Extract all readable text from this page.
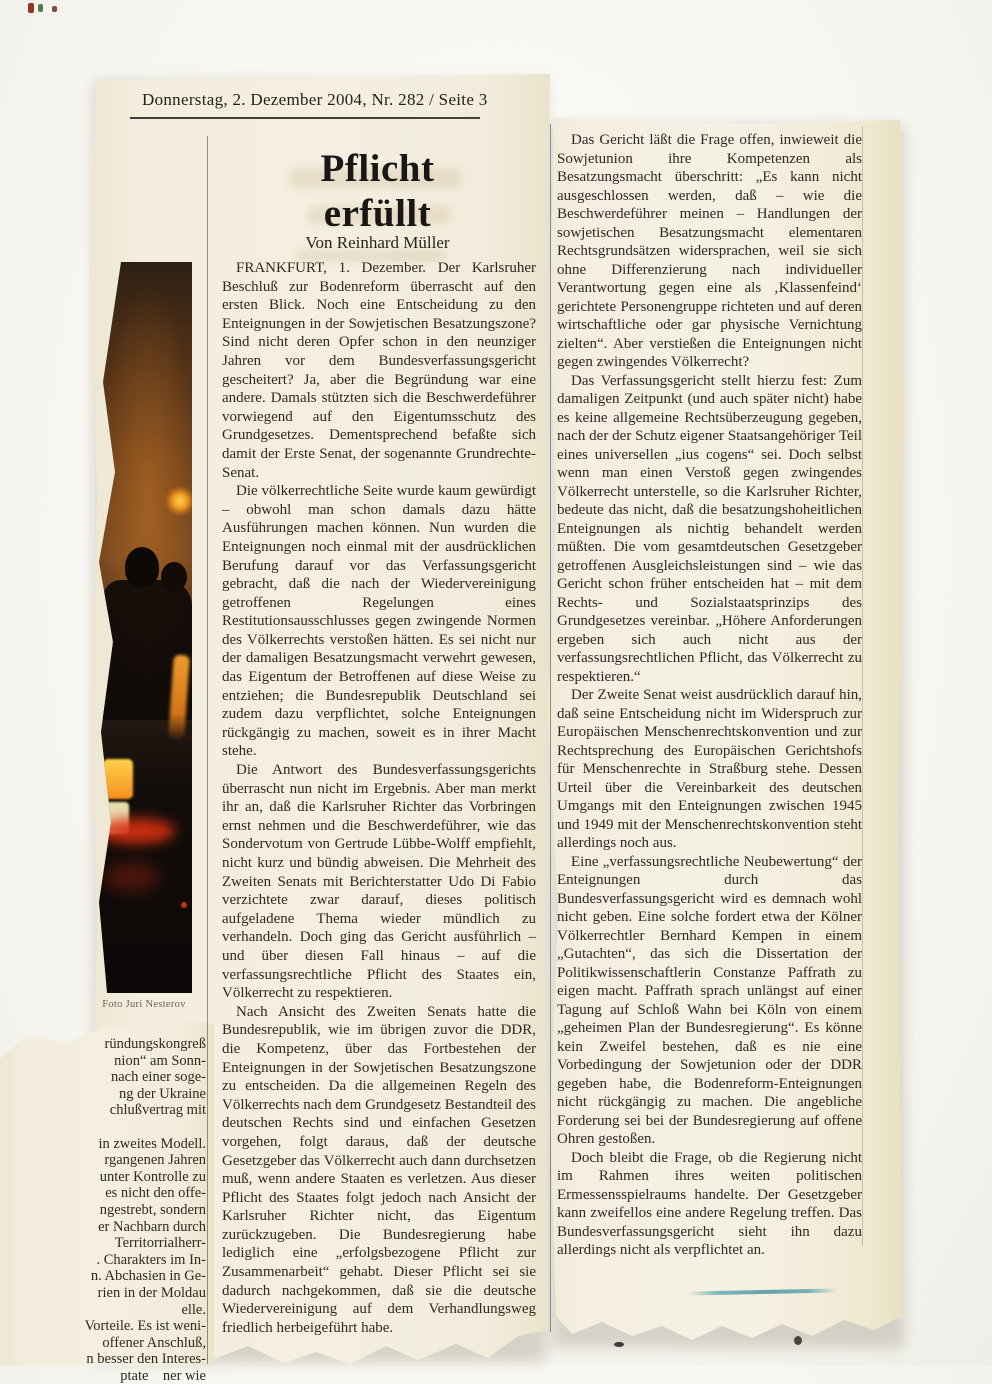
Donnerstag, 2. Dezember 2004, Nr. 282 / Seite 3
Pflicht
erfüllt
Von Reinhard Müller

FRANKFURT, 1. Dezember. Der Karlsruher Beschluß zur Bodenreform überrascht auf den ersten Blick. Noch eine Entscheidung zu den Enteignungen in der Sowjetischen Besatzungszone? Sind nicht deren Opfer schon in den neunziger Jahren vor dem Bundesverfassungsgericht gescheitert? Ja, aber die Begründung war eine andere. Damals stützten sich die Beschwerdeführer vorwiegend auf den Eigentumsschutz des Grundgesetzes. Dementsprechend befaßte sich damit der Erste Senat, der sogenannte Grundrechte-Senat.

Die völkerrechtliche Seite wurde kaum gewürdigt – obwohl man schon damals dazu hätte Ausführungen machen können. Nun wurden die Enteignungen noch einmal mit der ausdrücklichen Berufung darauf vor das Verfassungsgericht gebracht, daß die nach der Wiedervereinigung getroffenen Regelungen eines Restitutionsausschlusses gegen zwingende Normen des Völkerrechts verstoßen hätten. Es sei nicht nur der damaligen Besatzungsmacht verwehrt gewesen, das Eigentum der Betroffenen auf diese Weise zu entziehen; die Bundesrepublik Deutschland sei zudem dazu verpflichtet, solche Enteignungen rückgängig zu machen, soweit es in ihrer Macht stehe.

Die Antwort des Bundesverfassungsgerichts überrascht nun nicht im Ergebnis. Aber man merkt ihr an, daß die Karlsruher Richter das Vorbringen ernst nehmen und die Beschwerdeführer, wie das Sondervotum von Gertrude Lübbe-Wolff empfiehlt, nicht kurz und bündig abweisen. Die Mehrheit des Zweiten Senats mit Berichterstatter Udo Di Fabio verzichtete zwar darauf, dieses politisch aufgeladene Thema wieder mündlich zu verhandeln. Doch ging das Gericht ausführlich – und über diesen Fall hinaus – auf die verfassungsrechtliche Pflicht des Staates ein, Völkerrecht zu respektieren.

Nach Ansicht des Zweiten Senats hatte die Bundesrepublik, wie im übrigen zuvor die DDR, die Kompetenz, über das Fortbestehen der Enteignungen in der Sowjetischen Besatzungszone zu entscheiden. Da die allgemeinen Regeln des Völkerrechts nach dem Grundgesetz Bestandteil des deutschen Rechts sind und einfachen Gesetzen vorgehen, folgt daraus, daß der deutsche Gesetzgeber das Völkerrecht auch dann durchsetzen muß, wenn andere Staaten es verletzen. Aus dieser Pflicht des Staates folgt jedoch nach Ansicht der Karlsruher Richter nicht, das Eigentum zurückzugeben. Die Bundesregierung habe lediglich eine „erfolgsbezogene Pflicht zur Zusammenarbeit“ gehabt. Dieser Pflicht sei sie dadurch nachgekommen, daß sie die deutsche Wiedervereinigung auf dem Verhandlungsweg friedlich herbeigeführt habe.

Das Gericht läßt die Frage offen, inwieweit die Sowjetunion ihre Kompetenzen als Besatzungsmacht überschritt: „Es kann nicht ausgeschlossen werden, daß – wie die Beschwerdeführer meinen – Handlungen der sowjetischen Besatzungsmacht elementaren Rechtsgrundsätzen widersprachen, weil sie sich ohne Differenzierung nach individueller Verantwortung gegen eine als ‚Klassenfeind‘ gerichtete Personengruppe richteten und auf deren wirtschaftliche oder gar physische Vernichtung zielten“. Aber verstießen die Enteignungen nicht gegen zwingendes Völkerrecht?

Das Verfassungsgericht stellt hierzu fest: Zum damaligen Zeitpunkt (und auch später nicht) habe es keine allgemeine Rechtsüberzeugung gegeben, nach der der Schutz eigener Staatsangehöriger Teil eines universellen „ius cogens“ sei. Doch selbst wenn man einen Verstoß gegen zwingendes Völkerrecht unterstelle, so die Karlsruher Richter, bedeute das nicht, daß die besatzungshoheitlichen Enteignungen als nichtig behandelt werden müßten. Die vom gesamtdeutschen Gesetzgeber getroffenen Ausgleichsleistungen sind – wie das Gericht schon früher entscheiden hat – mit dem Rechts- und Sozialstaatsprinzips des Grundgesetzes vereinbar. „Höhere Anforderungen ergeben sich auch nicht aus der verfassungsrechtlichen Pflicht, das Völkerrecht zu respektieren.“

Der Zweite Senat weist ausdrücklich darauf hin, daß seine Entscheidung nicht im Widerspruch zur Europäischen Menschenrechtskonvention und zur Rechtsprechung des Europäischen Gerichtshofs für Menschenrechte in Straßburg stehe. Dessen Urteil über die Vereinbarkeit des deutschen Umgangs mit den Enteignungen zwischen 1945 und 1949 mit der Menschenrechtskonvention steht allerdings noch aus.

Eine „verfassungsrechtliche Neubewertung“ der Enteignungen durch das Bundesverfassungsgericht wird es demnach wohl nicht geben. Eine solche fordert etwa der Kölner Völkerrechtler Bernhard Kempen in einem „Gutachten“, das sich die Dissertation der Politikwissenschaftlerin Constanze Paffrath zu eigen macht. Paffrath sprach unlängst auf einer Tagung auf Schloß Wahn bei Köln von einem „geheimen Plan der Bundesregierung“. Es könne kein Zweifel bestehen, daß es nie eine Vorbedingung der Sowjetunion oder der DDR gegeben habe, die Bodenreform-Enteignungen nicht rückgängig zu machen. Die angebliche Forderung sei bei der Bundesregierung auf offene Ohren gestoßen.

Doch bleibt die Frage, ob die Regierung nicht im Rahmen ihres weiten politischen Ermessensspielraums handelte. Der Gesetzgeber kann zweifellos eine andere Regelung treffen. Das Bundesverfassungsgericht sieht ihn dazu allerdings nicht als verpflichtet an.

Foto Juri Nesterov
ründungskongreß
nion“ am Sonn-
nach einer soge-
ng der Ukraine
chlußvertrag mit
in zweites Modell.
rgangenen Jahren
unter Kontrolle zu
es nicht den offe-
ngestrebt, sondern
er Nachbarn durch
Territorrialherr-
. Charakters im In-
n. Abchasien in Ge-
rien in der Moldau
elle.
Vorteile. Es ist weni-
offener Anschluß,
n besser den Interes-
ptate    ner wie
